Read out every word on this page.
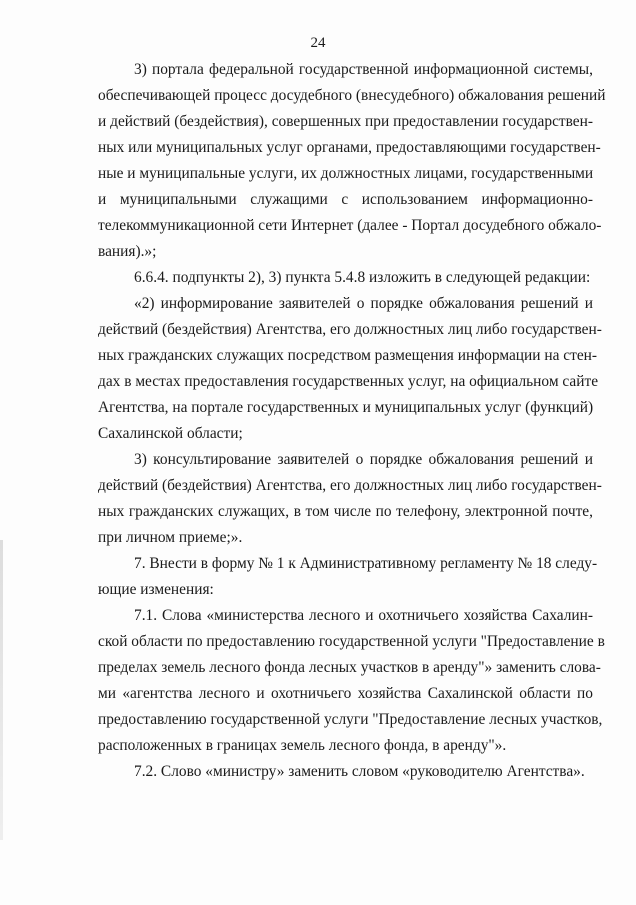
24
3) портала федеральной государственной информационной системы,
обеспечивающей процесс досудебного (внесудебного) обжалования решений
и действий (бездействия), совершенных при предоставлении государствен-
ных или муниципальных услуг органами, предоставляющими государствен-
ные и муниципальные услуги, их должностных лицами, государственными
и муниципальными служащими с использованием информационно-
телекоммуникационной сети Интернет (далее - Портал досудебного обжало-
вания).»;
6.6.4. подпункты 2), 3) пункта 5.4.8 изложить в следующей редакции:
«2) информирование заявителей о порядке обжалования решений и
действий (бездействия) Агентства, его должностных лиц либо государствен-
ных гражданских служащих посредством размещения информации на стен-
дах в местах предоставления государственных услуг, на официальном сайте
Агентства, на портале государственных и муниципальных услуг (функций)
Сахалинской области;
3) консультирование заявителей о порядке обжалования решений и
действий (бездействия) Агентства, его должностных лиц либо государствен-
ных гражданских служащих, в том числе по телефону, электронной почте,
при личном приеме;».
7. Внести в форму № 1 к Административному регламенту № 18 следу-
ющие изменения:
7.1. Слова «министерства лесного и охотничьего хозяйства Сахалин-
ской области по предоставлению государственной услуги "Предоставление в
пределах земель лесного фонда лесных участков в аренду"» заменить слова-
ми «агентства лесного и охотничьего хозяйства Сахалинской области по
предоставлению государственной услуги "Предоставление лесных участков,
расположенных в границах земель лесного фонда, в аренду"».
7.2. Слово «министру» заменить словом «руководителю Агентства».
